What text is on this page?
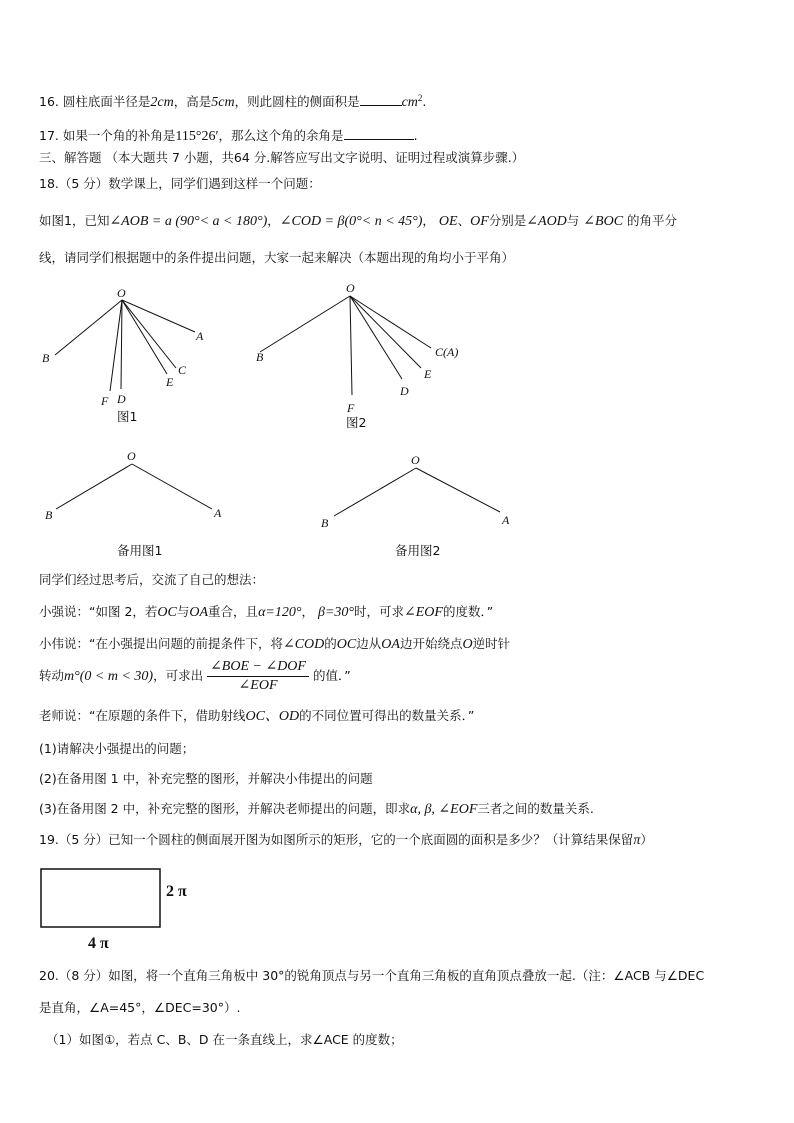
16. 圆柱底面半径是2cm，高是5cm，则此圆柱的侧面积是	$cm^2$.
17. 如果一个角的补角是115°26′，那么这个角的余角是	.
三、解答题 （本大题共 7 小题，共64 分.解答应写出文字说明、证明过程或演算步骤.）
18.（5 分）数学课上，同学们遇到这样一个问题：
如图1，已知∠AOB = a (90°< a < 180°)，∠COD = β(0°< n < 45°)， OE、OF分别是∠AOD与 ∠BOC 的角平分
线，请同学们根据题中的条件提出问题，大家一起来解决（本题出现的角均小于平角）
O
B
A
C
E
D
F
图1
O
B	C(A)
E
D
F
图2
O
B	A
备用图1
O
B	A
备用图2
同学们经过思考后，交流了自己的想法：
小强说：“如图 2，若OC与OA重合，且α=120°， β=30°时，可求∠EOF的度数．”
小伟说：“在小强提出问题的前提条件下，将∠COD的OC边从OA边开始绕点O逆时针
转动m°(0 < m < 30)，可求出 $\frac{\text{∠BOE − ∠DOF}}{\text{∠EOF}}$ 的值．”
老师说：“在原题的条件下，借助射线OC、OD的不同位置可得出的数量关系．”
(1)请解决小强提出的问题；
(2)在备用图 1 中，补充完整的图形，并解决小伟提出的问题
(3)在备用图 2 中，补充完整的图形，并解决老师提出的问题，即求α, β, ∠EOF三者之间的数量关系.
19.（5 分）已知一个圆柱的侧面展开图为如图所示的矩形，它的一个底面圆的面积是多少？（计算结果保留π）
2 π
4 π
20.（8 分）如图，将一个直角三角板中 30°的锐角顶点与另一个直角三角板的直角顶点叠放一起.（注：∠ACB 与∠DEC
是直角，∠A=45°，∠DEC=30°）.
（1）如图①，若点 C、B、D 在一条直线上，求∠ACE 的度数；
